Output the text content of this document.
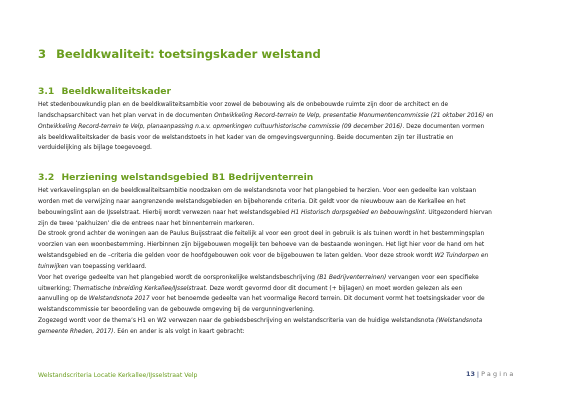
3 Beeldkwaliteit: toetsingskader welstand
3.1 Beeldkwaliteitskader
Het stedenbouwkundig plan en de beeldkwaliteitsambitie voor zowel de bebouwing als de onbebouwde ruimte zijn door de architect en de
landschapsarchitect van het plan vervat in de documenten Ontwikkeling Record-terrein te Velp, presentatie Monumentencommissie (21 oktober 2016) en
Ontwikkeling Record-terrein te Velp, planaanpassing n.a.v. opmerkingen cultuurhistorische commissie (09 december 2016). Deze documenten vormen
als beeldkwaliteitskader de basis voor de welstandstoets in het kader van de omgevingsvergunning. Beide documenten zijn ter illustratie en
verduidelijking als bijlage toegevoegd.
3.2 Herziening welstandsgebied B1 Bedrijventerrein
Het verkavelingsplan en de beeldkwaliteitsambitie noodzaken om de welstandsnota voor het plangebied te herzien. Voor een gedeelte kan volstaan
worden met de verwijzing naar aangrenzende welstandsgebieden en bijbehorende criteria. Dit geldt voor de nieuwbouw aan de Kerkallee en het
bebouwingslint aan de IJsselstraat. Hierbij wordt verwezen naar het welstandsgebied H1 Historisch dorpsgebied en bebouwingslint. Uitgezonderd hiervan
zijn de twee ‘pakhuizen’ die de entrees naar het binnenterrein markeren.
De strook grond achter de woningen aan de Paulus Buijsstraat die feitelijk al voor een groot deel in gebruik is als tuinen wordt in het bestemmingsplan
voorzien van een woonbestemming. Hierbinnen zijn bijgebouwen mogelijk ten behoeve van de bestaande woningen. Het ligt hier voor de hand om het
welstandsgebied en de –criteria die gelden voor de hoofdgebouwen ook voor de bijgebouwen te laten gelden. Voor deze strook wordt W2 Tuindorpen en
tuinwijken van toepassing verklaard.
Voor het overige gedeelte van het plangebied wordt de oorspronkelijke welstandsbeschrijving (B1 Bedrijventerreinen) vervangen voor een specifieke
uitwerking; Thematische Inbreiding Kerkallee/IJsselstraat. Deze wordt gevormd door dit document (+ bijlagen) en moet worden gelezen als een
aanvulling op de Welstandsnota 2017 voor het benoemde gedeelte van het voormalige Record terrein. Dit document vormt het toetsingskader voor de
welstandscommissie ter beoordeling van de gebouwde omgeving bij de vergunningverlening.
Zogezegd wordt voor de thema’s H1 en W2 verwezen naar de gebiedsbeschrijving en welstandscriteria van de huidige welstandsnota (Welstandsnota
gemeente Rheden, 2017). Eén en ander is als volgt in kaart gebracht:
Welstandscriteria Locatie Kerkallee/IJsselstraat Velp	13 | Pagina
